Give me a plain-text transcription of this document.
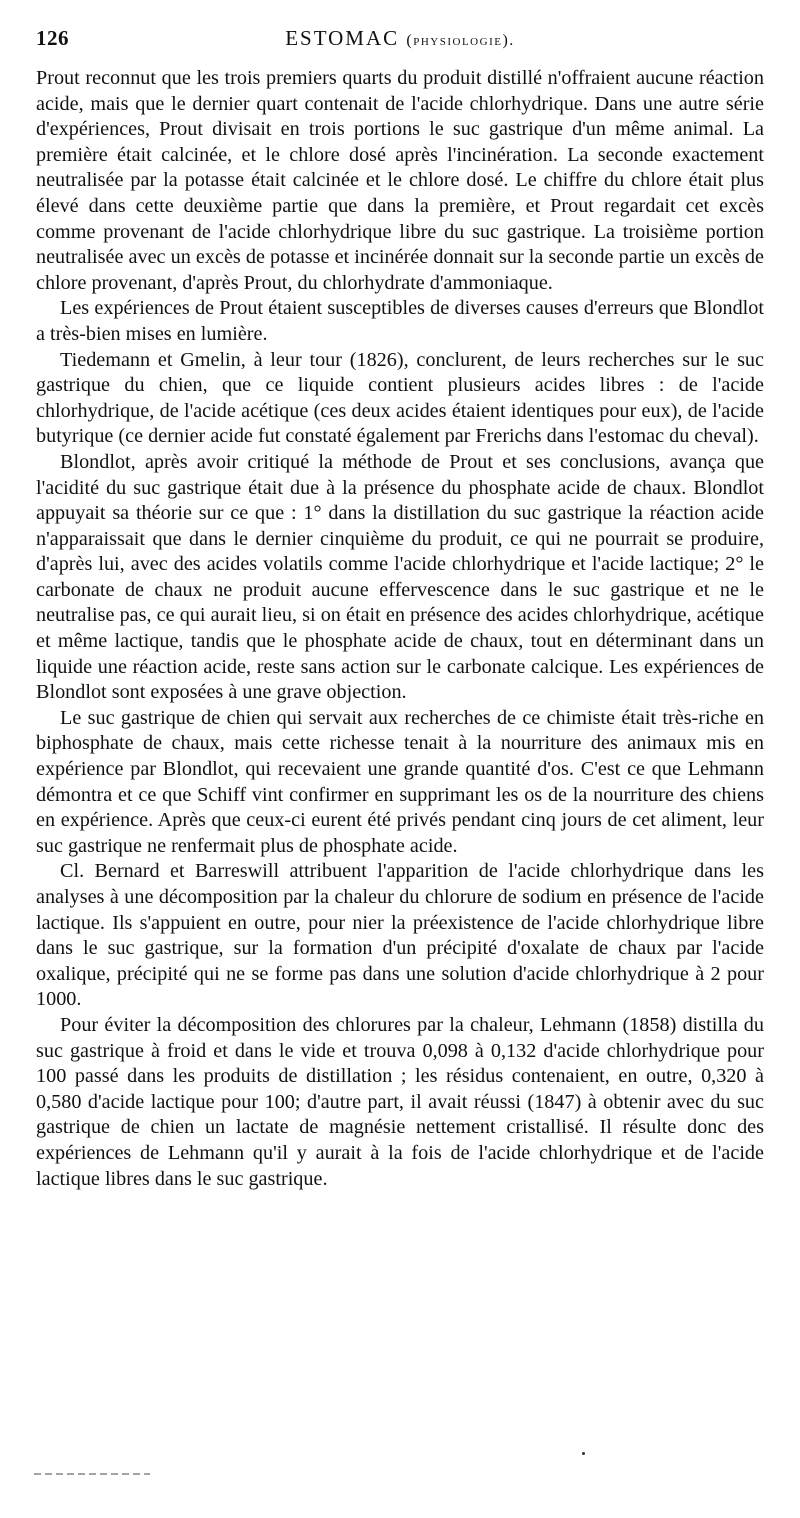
126	ESTOMAC (physiologie).

Prout reconnut que les trois premiers quarts du produit distillé n'offraient aucune réaction acide, mais que le dernier quart contenait de l'acide chlorhydrique. Dans une autre série d'expériences, Prout divisait en trois portions le suc gastrique d'un même animal. La première était calcinée, et le chlore dosé après l'incinération. La seconde exactement neutralisée par la potasse était calcinée et le chlore dosé. Le chiffre du chlore était plus élevé dans cette deuxième partie que dans la première, et Prout regardait cet excès comme provenant de l'acide chlorhydrique libre du suc gastrique. La troisième portion neutralisée avec un excès de potasse et incinérée donnait sur la seconde partie un excès de chlore provenant, d'après Prout, du chlorhydrate d'ammoniaque.

Les expériences de Prout étaient susceptibles de diverses causes d'erreurs que Blondlot a très-bien mises en lumière.

Tiedemann et Gmelin, à leur tour (1826), conclurent, de leurs recherches sur le suc gastrique du chien, que ce liquide contient plusieurs acides libres : de l'acide chlorhydrique, de l'acide acétique (ces deux acides étaient identiques pour eux), de l'acide butyrique (ce dernier acide fut constaté également par Frerichs dans l'estomac du cheval).

Blondlot, après avoir critiqué la méthode de Prout et ses conclusions, avança que l'acidité du suc gastrique était due à la présence du phosphate acide de chaux. Blondlot appuyait sa théorie sur ce que : 1° dans la distillation du suc gastrique la réaction acide n'apparaissait que dans le dernier cinquième du produit, ce qui ne pourrait se produire, d'après lui, avec des acides volatils comme l'acide chlorhydrique et l'acide lactique; 2° le carbonate de chaux ne produit aucune effervescence dans le suc gastrique et ne le neutralise pas, ce qui aurait lieu, si on était en présence des acides chlorhydrique, acétique et même lactique, tandis que le phosphate acide de chaux, tout en déterminant dans un liquide une réaction acide, reste sans action sur le carbonate calcique. Les expériences de Blondlot sont exposées à une grave objection.

Le suc gastrique de chien qui servait aux recherches de ce chimiste était très-riche en biphosphate de chaux, mais cette richesse tenait à la nourriture des animaux mis en expérience par Blondlot, qui recevaient une grande quantité d'os. C'est ce que Lehmann démontra et ce que Schiff vint confirmer en supprimant les os de la nourriture des chiens en expérience. Après que ceux-ci eurent été privés pendant cinq jours de cet aliment, leur suc gastrique ne renfermait plus de phosphate acide.

Cl. Bernard et Barreswill attribuent l'apparition de l'acide chlorhydrique dans les analyses à une décomposition par la chaleur du chlorure de sodium en présence de l'acide lactique. Ils s'appuient en outre, pour nier la préexistence de l'acide chlorhydrique libre dans le suc gastrique, sur la formation d'un précipité d'oxalate de chaux par l'acide oxalique, précipité qui ne se forme pas dans une solution d'acide chlorhydrique à 2 pour 1000.

Pour éviter la décomposition des chlorures par la chaleur, Lehmann (1858) distilla du suc gastrique à froid et dans le vide et trouva 0,098 à 0,132 d'acide chlorhydrique pour 100 passé dans les produits de distillation ; les résidus contenaient, en outre, 0,320 à 0,580 d'acide lactique pour 100; d'autre part, il avait réussi (1847) à obtenir avec du suc gastrique de chien un lactate de magnésie nettement cristallisé. Il résulte donc des expériences de Lehmann qu'il y aurait à la fois de l'acide chlorhydrique et de l'acide lactique libres dans le suc gastrique.
